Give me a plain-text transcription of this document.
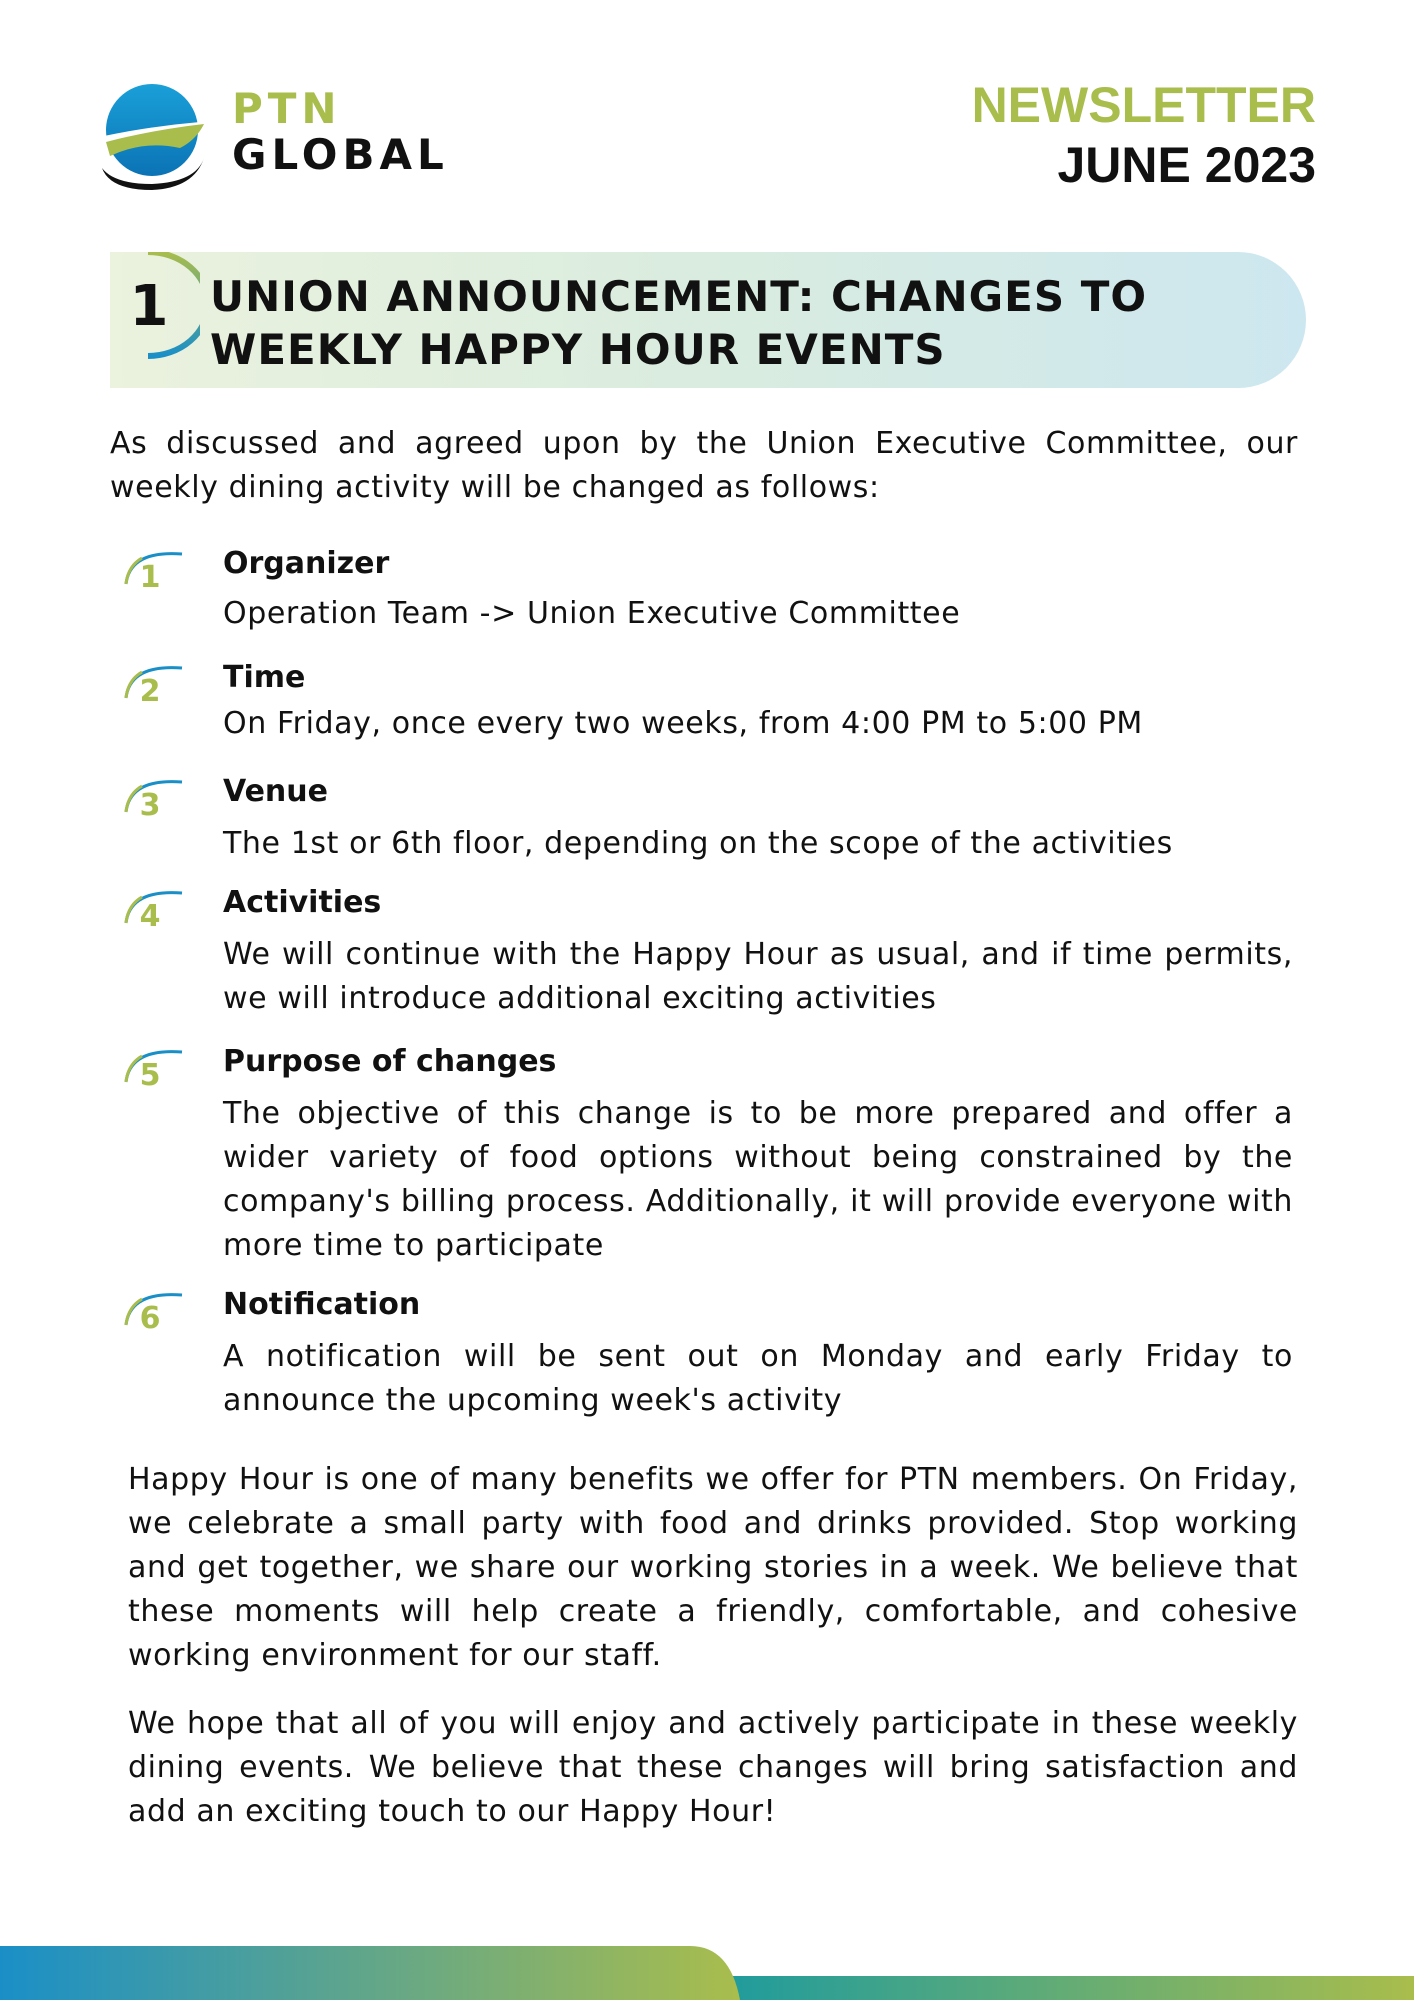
PTN
GLOBAL
NEWSLETTER
JUNE 2023
1 UNION ANNOUNCEMENT: CHANGES TO
WEEKLY HAPPY HOUR EVENTS
As discussed and agreed upon by the Union Executive Committee, our weekly dining activity will be changed as follows:
1	Organizer
Operation Team -> Union Executive Committee
2	Time
On Friday, once every two weeks, from 4:00 PM to 5:00 PM
3	Venue
The 1st or 6th floor, depending on the scope of the activities
4	Activities
We will continue with the Happy Hour as usual, and if time permits, we will introduce additional exciting activities
5	Purpose of changes
The objective of this change is to be more prepared and offer a wider variety of food options without being constrained by the company's billing process. Additionally, it will provide everyone with more time to participate
6	Notification
A notification will be sent out on Monday and early Friday to announce the upcoming week's activity
Happy Hour is one of many benefits we offer for PTN members. On Friday, we celebrate a small party with food and drinks provided. Stop working and get together, we share our working stories in a week. We believe that these moments will help create a friendly, comfortable, and cohesive working environment for our staff.
We hope that all of you will enjoy and actively participate in these weekly dining events. We believe that these changes will bring satisfaction and add an exciting touch to our Happy Hour!
